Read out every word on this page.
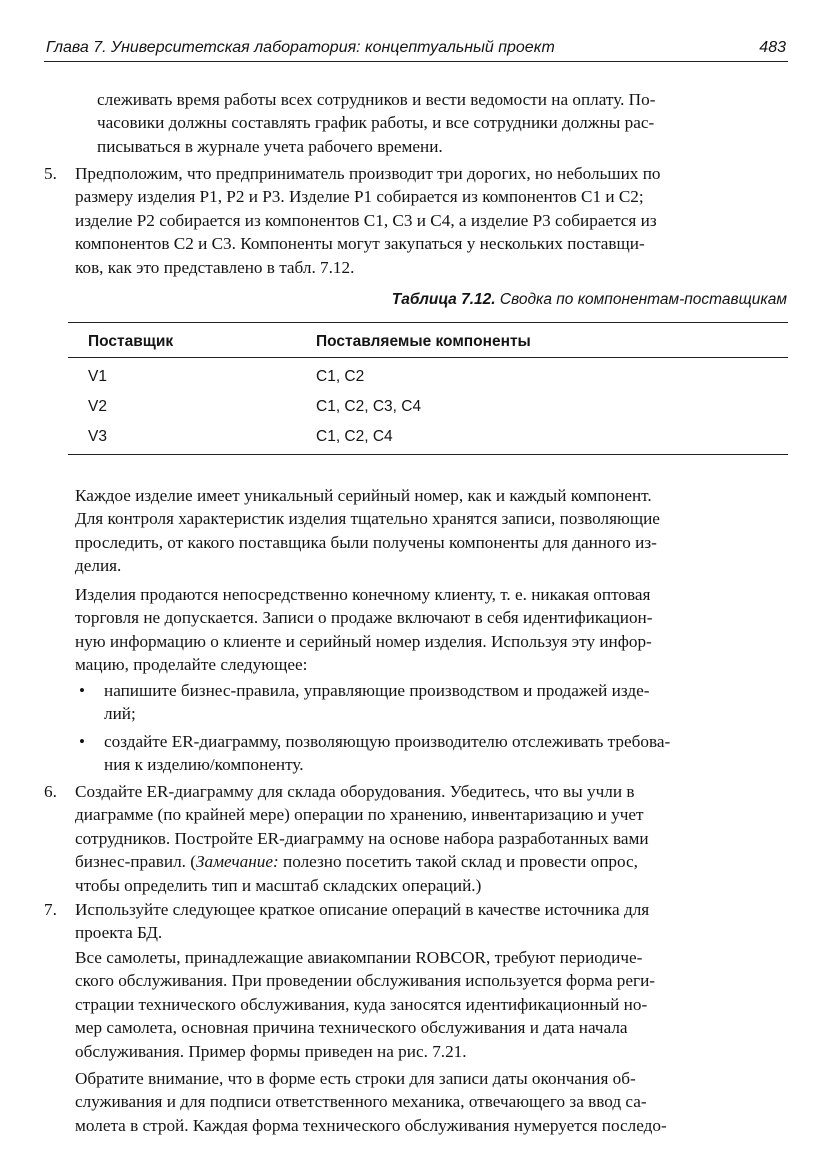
Глава 7. Университетская лаборатория: концептуальный проект	483
слеживать время работы всех сотрудников и вести ведомости на оплату. По-
часовики должны составлять график работы, и все сотрудники должны рас-
писываться в журнале учета рабочего времени.
5. Предположим, что предприниматель производит три дорогих, но небольших по
размеру изделия P1, P2 и P3. Изделие P1 собирается из компонентов C1 и C2;
изделие P2 собирается из компонентов C1, C3 и C4, а изделие P3 собирается из
компонентов C2 и C3. Компоненты могут закупаться у нескольких поставщи-
ков, как это представлено в табл. 7.12.
Таблица 7.12. Сводка по компонентам-поставщикам
Поставщик	Поставляемые компоненты
V1	C1, C2
V2	C1, C2, C3, C4
V3	C1, C2, C4
Каждое изделие имеет уникальный серийный номер, как и каждый компонент.
Для контроля характеристик изделия тщательно хранятся записи, позволяющие
проследить, от какого поставщика были получены компоненты для данного из-
делия.
Изделия продаются непосредственно конечному клиенту, т. е. никакая оптовая
торговля не допускается. Записи о продаже включают в себя идентификацион-
ную информацию о клиенте и серийный номер изделия. Используя эту инфор-
мацию, проделайте следующее:
• напишите бизнес-правила, управляющие производством и продажей изде-
лий;
• создайте ER-диаграмму, позволяющую производителю отслеживать требова-
ния к изделию/компоненту.
6. Создайте ER-диаграмму для склада оборудования. Убедитесь, что вы учли в
диаграмме (по крайней мере) операции по хранению, инвентаризацию и учет
сотрудников. Постройте ER-диаграмму на основе набора разработанных вами
бизнес-правил. (Замечание: полезно посетить такой склад и провести опрос,
чтобы определить тип и масштаб складских операций.)
7. Используйте следующее краткое описание операций в качестве источника для
проекта БД.
Все самолеты, принадлежащие авиакомпании ROBCOR, требуют периодиче-
ского обслуживания. При проведении обслуживания используется форма реги-
страции технического обслуживания, куда заносятся идентификационный но-
мер самолета, основная причина технического обслуживания и дата начала
обслуживания. Пример формы приведен на рис. 7.21.
Обратите внимание, что в форме есть строки для записи даты окончания об-
служивания и для подписи ответственного механика, отвечающего за ввод са-
молета в строй. Каждая форма технического обслуживания нумеруется последо-
